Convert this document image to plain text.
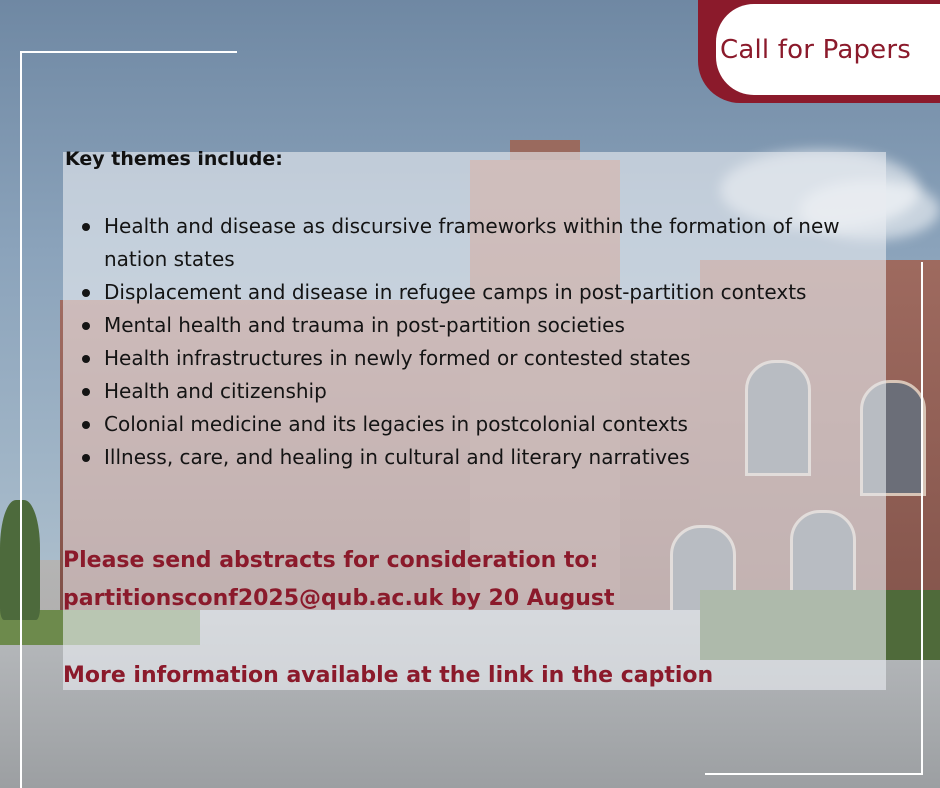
Call for Papers
Key themes include:
Health and disease as discursive frameworks within the formation of new nation states
Displacement and disease in refugee camps in post-partition contexts
Mental health and trauma in post-partition societies
Health infrastructures in newly formed or contested states
Health and citizenship
Colonial medicine and its legacies in postcolonial contexts
Illness, care, and healing in cultural and literary narratives
Please send abstracts for consideration to:
partitionsconf2025@qub.ac.uk by 20 August
More information available at the link in the caption
